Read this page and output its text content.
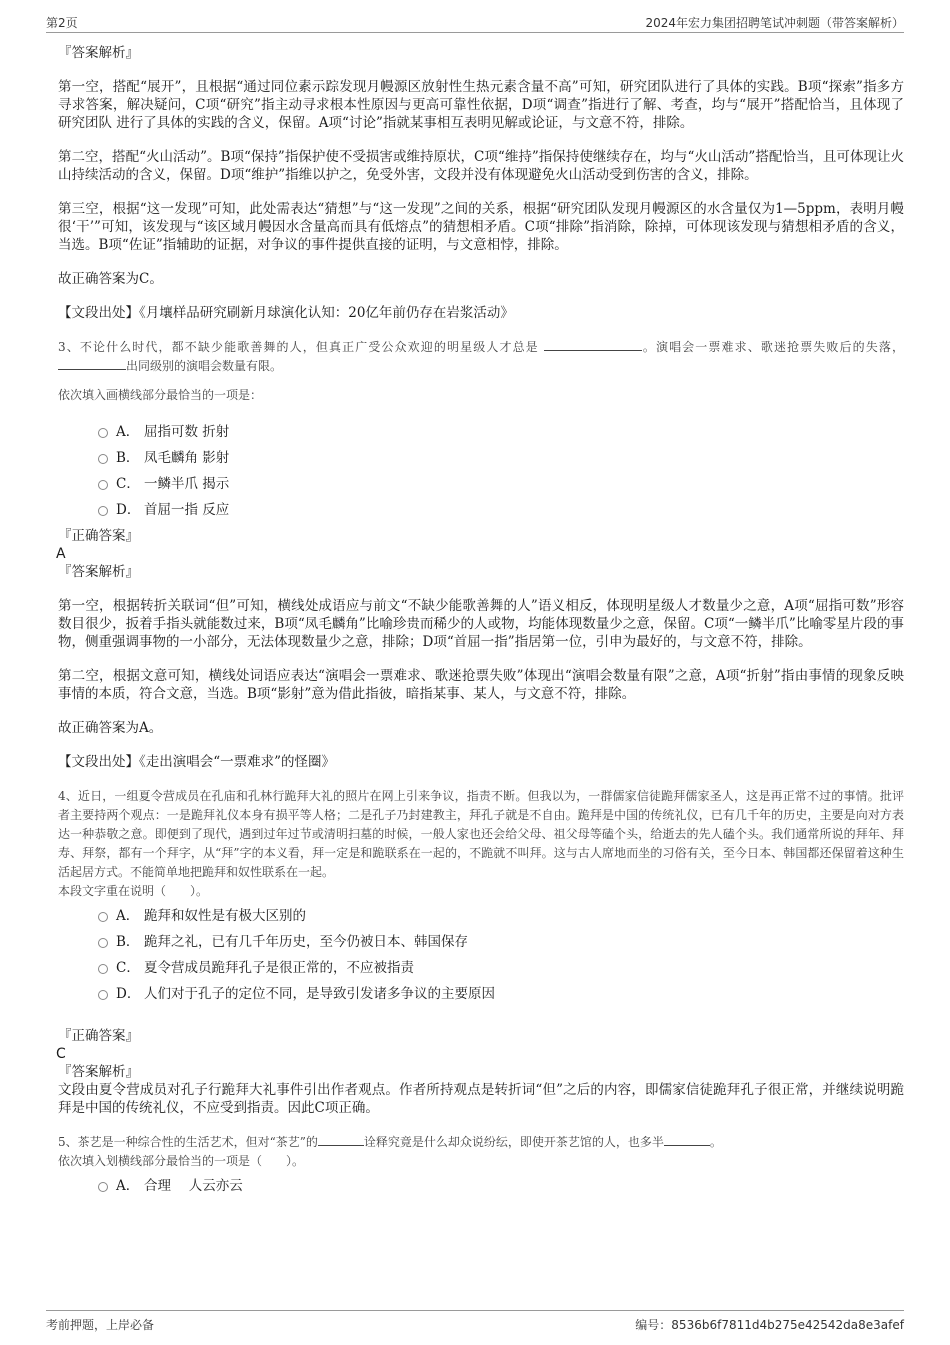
第2页	2024年宏力集团招聘笔试冲刺题（带答案解析）

『答案解析』

第一空，搭配“展开”，且根据“通过同位素示踪发现月幔源区放射性生热元素含量不高”可知，研究团队进行了具体的实践。B项“探索”指多方寻求答案，解决疑问，C项“研究”指主动寻求根本性原因与更高可靠性依据，D项“调查”指进行了解、考查，均与“展开”搭配恰当，且体现了 研究团队 进行了具体的实践的含义，保留。A项“讨论”指就某事相互表明见解或论证，与文意不符，排除。

第二空，搭配“火山活动”。B项“保持”指保护使不受损害或维持原状，C项“维持”指保持使继续存在，均与“火山活动”搭配恰当，且可体现让火山持续活动的含义，保留。D项“维护”指维以护之，免受外害，文段并没有体现避免火山活动受到伤害的含义，排除。

第三空，根据“这一发现”可知，此处需表达“猜想”与“这一发现”之间的关系，根据“研究团队发现月幔源区的水含量仅为1—5ppm，表明月幔很‘干’”可知，该发现与“该区域月幔因水含量高而具有低熔点”的猜想相矛盾。C项“排除”指消除，除掉，可体现该发现与猜想相矛盾的含义，当选。B项“佐证”指辅助的证据，对争议的事件提供直接的证明，与文意相悖，排除。

故正确答案为C。

【文段出处】《月壤样品研究刷新月球演化认知：20亿年前仍存在岩浆活动》

3、不论什么时代，都不缺少能歌善舞的人，但真正广受公众欢迎的明星级人才总是	。演唱会一票难求、歌迷抢票失败后的失落， 出同级别的演唱会数量有限。

依次填入画横线部分最恰当的一项是：

A． 屈指可数 折射
B． 凤毛麟角 影射
C． 一鳞半爪 揭示
D． 首屈一指 反应

『正确答案』

A

『答案解析』

第一空，根据转折关联词“但”可知，横线处成语应与前文“不缺少能歌善舞的人”语义相反，体现明星级人才数量少之意，A项“屈指可数”形容数目很少，扳着手指头就能数过来，B项“凤毛麟角”比喻珍贵而稀少的人或物，均能体现数量少之意，保留。C项“一鳞半爪”比喻零星片段的事物，侧重强调事物的一小部分，无法体现数量少之意，排除；D项“首屈一指”指居第一位，引申为最好的，与文意不符，排除。

第二空，根据文意可知，横线处词语应表达“演唱会一票难求、歌迷抢票失败”体现出“演唱会数量有限”之意，A项“折射”指由事情的现象反映事情的本质，符合文意，当选。B项“影射”意为借此指彼，暗指某事、某人，与文意不符，排除。

故正确答案为A。

【文段出处】《走出演唱会“一票难求”的怪圈》

4、近日，一组夏令营成员在孔庙和孔林行跪拜大礼的照片在网上引来争议，指责不断。但我以为，一群儒家信徒跪拜儒家圣人，这是再正常不过的事情。批评者主要持两个观点：一是跪拜礼仪本身有损平等人格；二是孔子乃封建教主，拜孔子就是不自由。跪拜是中国的传统礼仪，已有几千年的历史，主要是向对方表达一种恭敬之意。即便到了现代，遇到过年过节或清明扫墓的时候，一般人家也还会给父母、祖父母等磕个头，给逝去的先人磕个头。我们通常所说的拜年、拜寿、拜祭，都有一个拜字，从“拜”字的本义看，拜一定是和跪联系在一起的，不跪就不叫拜。这与古人席地而坐的习俗有关，至今日本、韩国都还保留着这种生活起居方式。不能简单地把跪拜和奴性联系在一起。

本段文字重在说明（　　）。

A． 跪拜和奴性是有极大区别的
B． 跪拜之礼，已有几千年历史，至今仍被日本、韩国保存
C． 夏令营成员跪拜孔子是很正常的，不应被指责
D． 人们对于孔子的定位不同，是导致引发诸多争议的主要原因

『正确答案』

C

『答案解析』

文段由夏令营成员对孔子行跪拜大礼事件引出作者观点。作者所持观点是转折词“但”之后的内容，即儒家信徒跪拜孔子很正常，并继续说明跪拜是中国的传统礼仪，不应受到指责。因此C项正确。

5、茶艺是一种综合性的生活艺术，但对“茶艺”的	诠释究竟是什么却众说纷纭，即使开茶艺馆的人，也多半	。

依次填入划横线部分最恰当的一项是（　　）。

A． 合理　 人云亦云
考前押题，上岸必备	编号：8536b6f7811d4b275e42542da8e3afef
